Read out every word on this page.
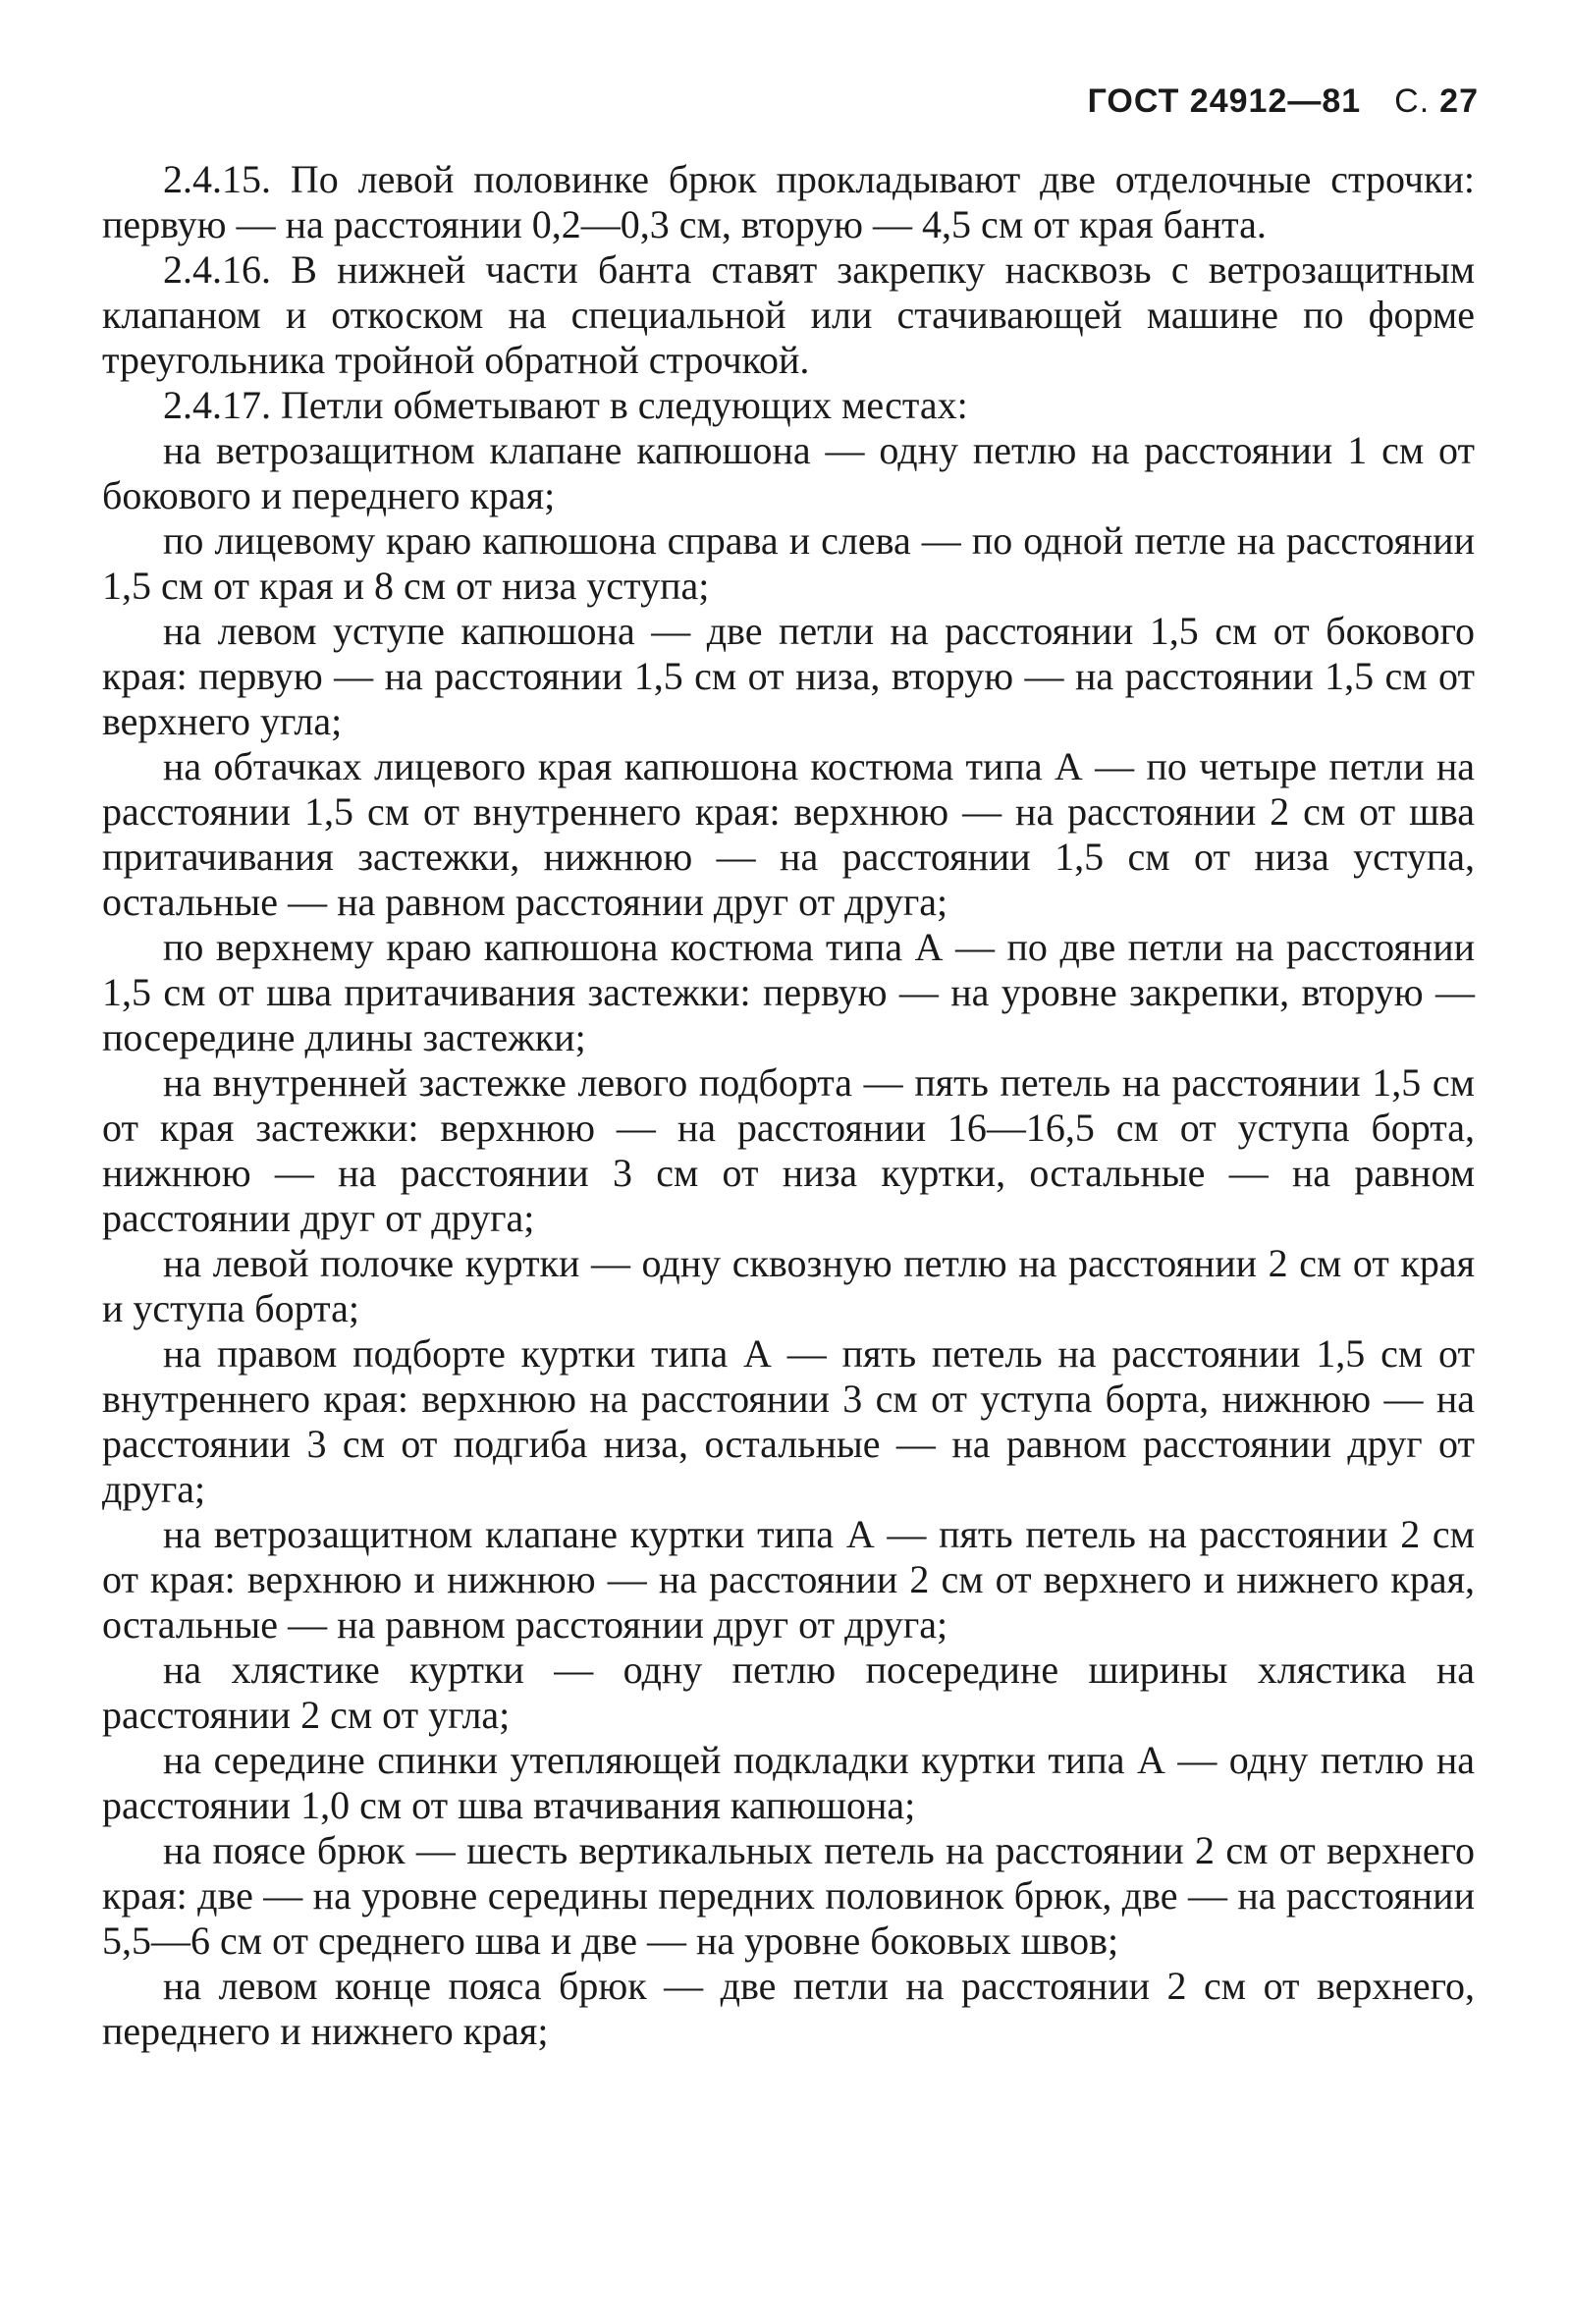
ГОСТ 24912—81 С. 27

2.4.15. По левой половинке брюк прокладывают две отделочные строчки: первую — на расстоянии 0,2—0,3 см, вторую — 4,5 см от края банта.

2.4.16. В нижней части банта ставят закрепку насквозь с ветрозащитным клапаном и откоском на специальной или стачивающей машине по форме треугольника тройной обратной строчкой.

2.4.17. Петли обметывают в следующих местах:

на ветрозащитном клапане капюшона — одну петлю на расстоянии 1 см от бокового и переднего края;

по лицевому краю капюшона справа и слева — по одной петле на расстоянии 1,5 см от края и 8 см от низа уступа;

на левом уступе капюшона — две петли на расстоянии 1,5 см от бокового края: первую — на расстоянии 1,5 см от низа, вторую — на расстоянии 1,5 см от верхнего угла;

на обтачках лицевого края капюшона костюма типа А — по четыре петли на расстоянии 1,5 см от внутреннего края: верхнюю — на расстоянии 2 см от шва притачивания застежки, нижнюю — на расстоянии 1,5 см от низа уступа, остальные — на равном расстоянии друг от друга;

по верхнему краю капюшона костюма типа А — по две петли на расстоянии 1,5 см от шва притачивания застежки: первую — на уровне закрепки, вторую — посередине длины застежки;

на внутренней застежке левого подборта — пять петель на расстоянии 1,5 см от края застежки: верхнюю — на расстоянии 16—16,5 см от уступа борта, нижнюю — на расстоянии 3 см от низа куртки, остальные — на равном расстоянии друг от друга;

на левой полочке куртки — одну сквозную петлю на расстоянии 2 см от края и уступа борта;

на правом подборте куртки типа А — пять петель на расстоянии 1,5 см от внутреннего края: верхнюю на расстоянии 3 см от уступа борта, нижнюю — на расстоянии 3 см от подгиба низа, остальные — на равном расстоянии друг от друга;

на ветрозащитном клапане куртки типа А — пять петель на расстоянии 2 см от края: верхнюю и нижнюю — на расстоянии 2 см от верхнего и нижнего края, остальные — на равном расстоянии друг от друга;

на хлястике куртки — одну петлю посередине ширины хлястика на расстоянии 2 см от угла;

на середине спинки утепляющей подкладки куртки типа А — одну петлю на расстоянии 1,0 см от шва втачивания капюшона;

на поясе брюк — шесть вертикальных петель на расстоянии 2 см от верхнего края: две — на уровне середины передних половинок брюк, две — на расстоянии 5,5—6 см от среднего шва и две — на уровне боковых швов;

на левом конце пояса брюк — две петли на расстоянии 2 см от верхнего, переднего и нижнего края;
